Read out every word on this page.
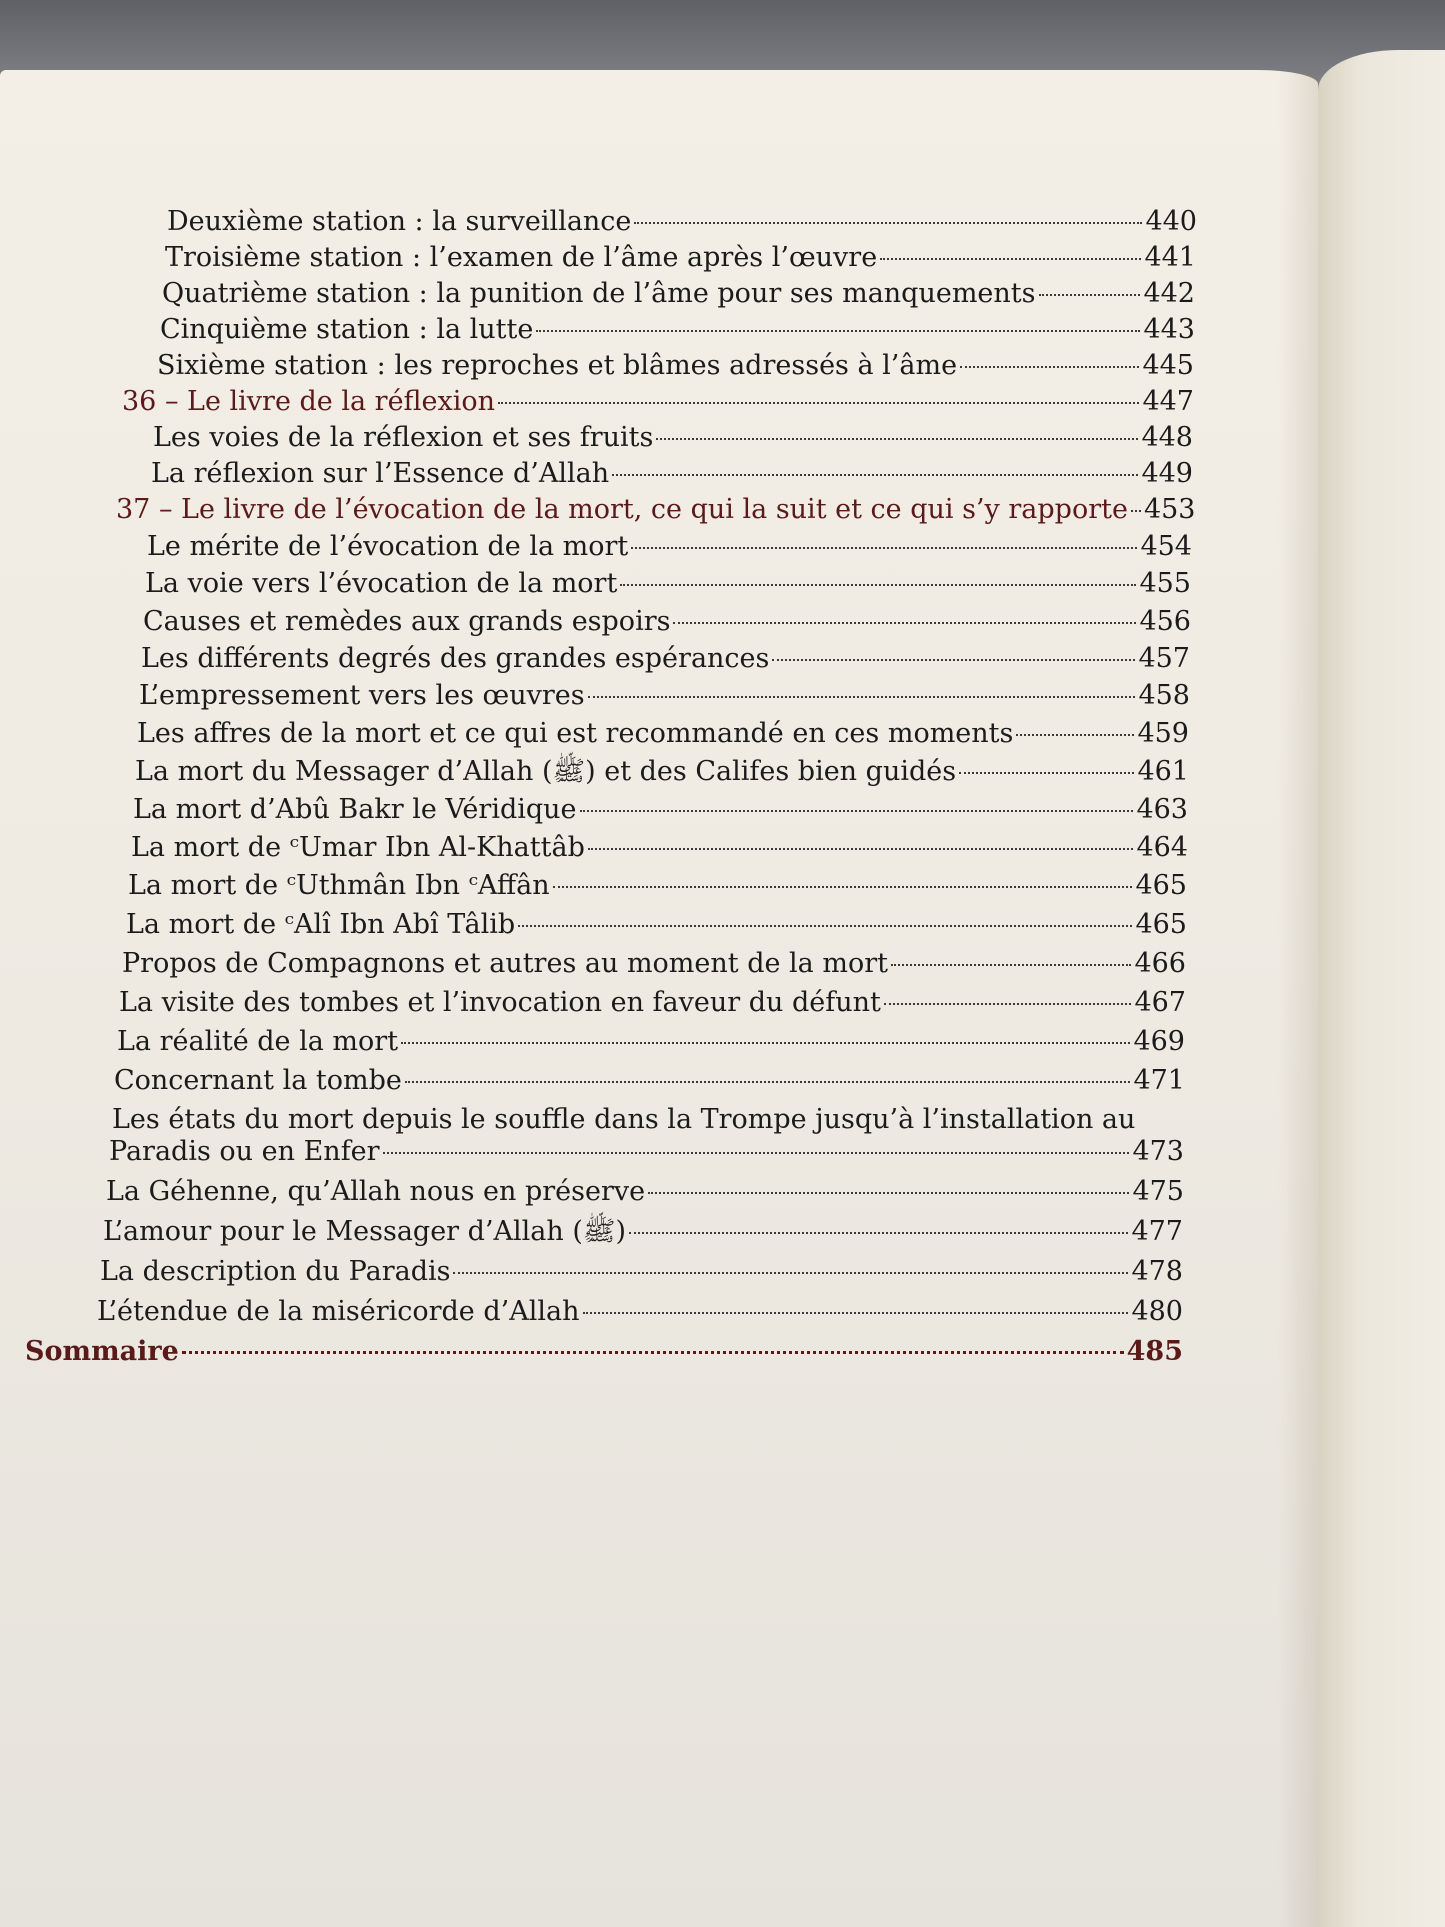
Deuxième station : la surveillance	440
Troisième station : l’examen de l’âme après l’œuvre	441
Quatrième station : la punition de l’âme pour ses manquements	442
Cinquième station : la lutte	443
Sixième station : les reproches et blâmes adressés à l’âme	445
36 – Le livre de la réflexion	447
Les voies de la réflexion et ses fruits	448
La réflexion sur l’Essence d’Allah	449
37 – Le livre de l’évocation de la mort, ce qui la suit et ce qui s’y rapporte 453
Le mérite de l’évocation de la mort	454
La voie vers l’évocation de la mort	455
Causes et remèdes aux grands espoirs	456
Les différents degrés des grandes espérances	457
L’empressement vers les œuvres	458
Les affres de la mort et ce qui est recommandé en ces moments	459
La mort du Messager d’Allah (ﷺ) et des Califes bien guidés	461
La mort d’Abû Bakr le Véridique	463
La mort de ᶜUmar Ibn Al-Khattâb	464
La mort de ᶜUthmân Ibn ᶜAffân	465
La mort de ᶜAlî Ibn Abî Tâlib	465
Propos de Compagnons et autres au moment de la mort	466
La visite des tombes et l’invocation en faveur du défunt	467
La réalité de la mort	469
Concernant la tombe	471
Les états du mort depuis le souffle dans la Trompe jusqu’à l’installation au
Paradis ou en Enfer	473
La Géhenne, qu’Allah nous en préserve	475
L’amour pour le Messager d’Allah (ﷺ)	477
La description du Paradis	478
L’étendue de la miséricorde d’Allah	480
Sommaire	485
